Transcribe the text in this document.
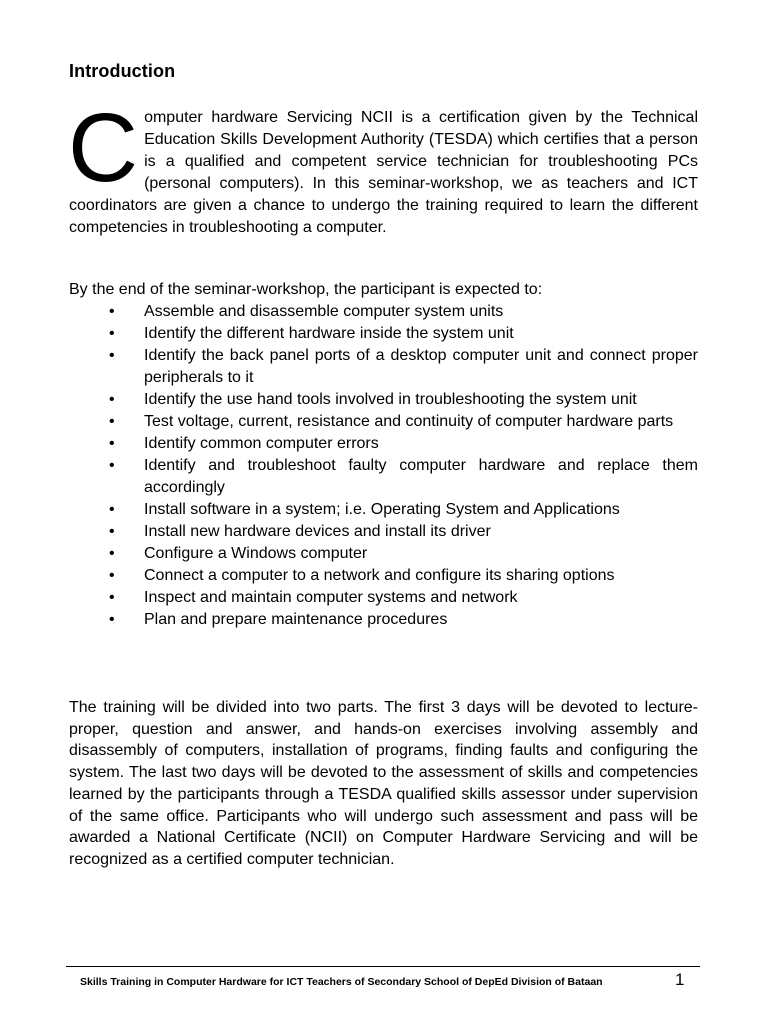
Introduction
C omputer hardware Servicing NCII is a certification given by the Technical Education Skills Development Authority (TESDA) which certifies that a person is a qualified and competent service technician for troubleshooting PCs (personal computers). In this seminar-workshop, we as teachers and ICT coordinators are given a chance to undergo the training required to learn the different competencies in troubleshooting a computer.

By the end of the seminar-workshop, the participant is expected to:

• Assemble and disassemble computer system units
• Identify the different hardware inside the system unit
• Identify the back panel ports of a desktop computer unit and connect proper peripherals to it
• Identify the use hand tools involved in troubleshooting the system unit
• Test voltage, current, resistance and continuity of computer hardware parts
• Identify common computer errors
• Identify and troubleshoot faulty computer hardware and replace them accordingly
• Install software in a system; i.e. Operating System and Applications
• Install new hardware devices and install its driver
• Configure a Windows computer
• Connect a computer to a network and configure its sharing options
• Inspect and maintain computer systems and network
• Plan and prepare maintenance procedures
The training will be divided into two parts. The first 3 days will be devoted to lecture-proper, question and answer, and hands-on exercises involving assembly and disassembly of computers, installation of programs, finding faults and configuring the system. The last two days will be devoted to the assessment of skills and competencies learned by the participants through a TESDA qualified skills assessor under supervision of the same office. Participants who will undergo such assessment and pass will be awarded a National Certificate (NCII) on Computer Hardware Servicing and will be recognized as a certified computer technician.
Skills Training in Computer Hardware for ICT Teachers of Secondary School of DepEd Division of Bataan	1
